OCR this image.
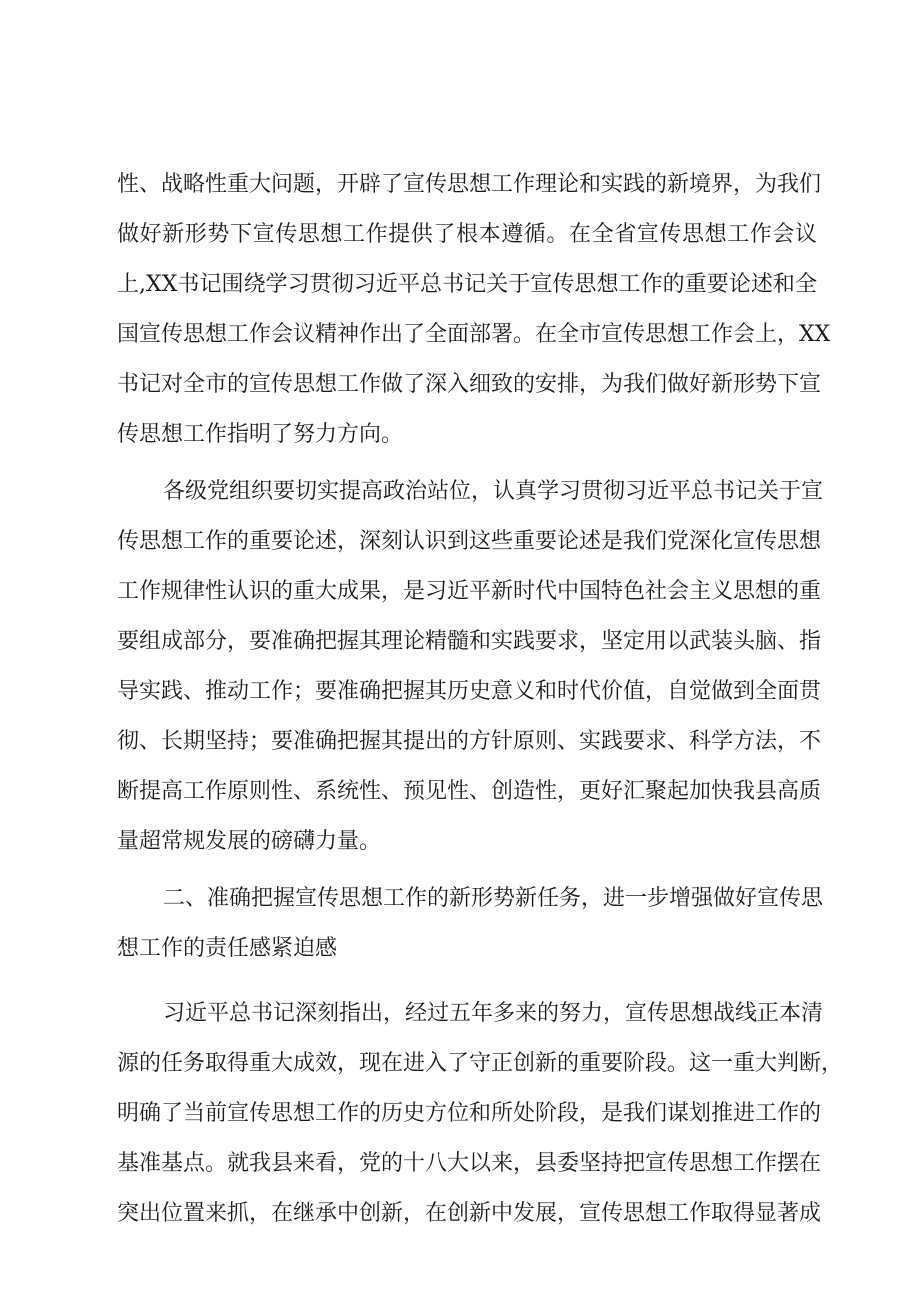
性、战略性重大问题，开辟了宣传思想工作理论和实践的新境界，为我们
做好新形势下宣传思想工作提供了根本遵循。在全省宣传思想工作会议
上,XX书记围绕学习贯彻习近平总书记关于宣传思想工作的重要论述和全
国宣传思想工作会议精神作出了全面部署。在全市宣传思想工作会上，XX
书记对全市的宣传思想工作做了深入细致的安排，为我们做好新形势下宣
传思想工作指明了努力方向。
各级党组织要切实提高政治站位，认真学习贯彻习近平总书记关于宣
传思想工作的重要论述，深刻认识到这些重要论述是我们党深化宣传思想
工作规律性认识的重大成果，是习近平新时代中国特色社会主义思想的重
要组成部分，要准确把握其理论精髓和实践要求，坚定用以武装头脑、指
导实践、推动工作；要准确把握其历史意义和时代价值，自觉做到全面贯
彻、长期坚持；要准确把握其提出的方针原则、实践要求、科学方法，不
断提高工作原则性、系统性、预见性、创造性，更好汇聚起加快我县高质
量超常规发展的磅礴力量。
二、准确把握宣传思想工作的新形势新任务，进一步增强做好宣传思
想工作的责任感紧迫感
习近平总书记深刻指出，经过五年多来的努力，宣传思想战线正本清
源的任务取得重大成效，现在进入了守正创新的重要阶段。这一重大判断，
明确了当前宣传思想工作的历史方位和所处阶段，是我们谋划推进工作的
基准基点。就我县来看，党的十八大以来，县委坚持把宣传思想工作摆在
突出位置来抓，在继承中创新，在创新中发展，宣传思想工作取得显著成
